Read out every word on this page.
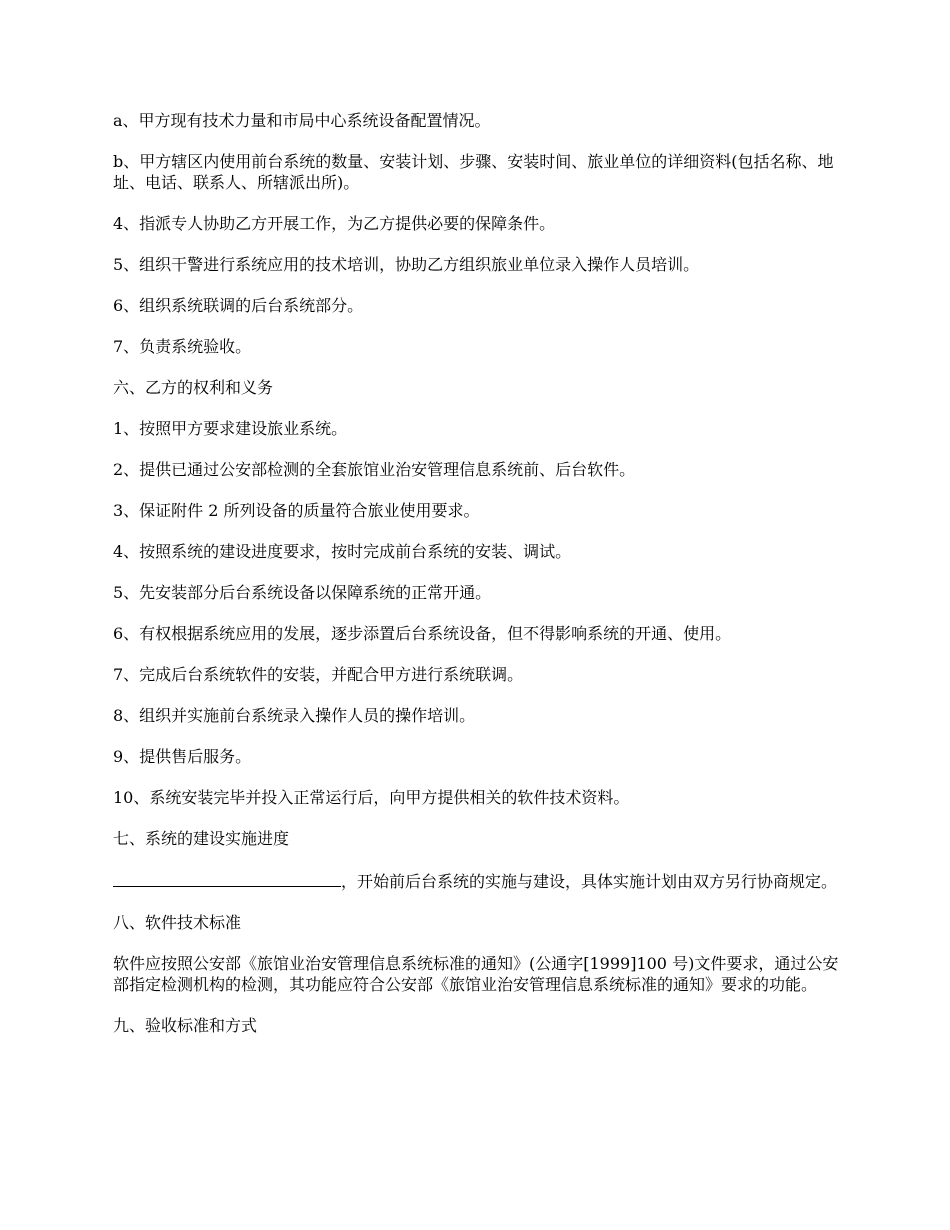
a、甲方现有技术力量和市局中心系统设备配置情况。

b、甲方辖区内使用前台系统的数量、安装计划、步骤、安装时间、旅业单位的详细资料(包括名称、地址、电话、联系人、所辖派出所)。

4、指派专人协助乙方开展工作，为乙方提供必要的保障条件。

5、组织干警进行系统应用的技术培训，协助乙方组织旅业单位录入操作人员培训。

6、组织系统联调的后台系统部分。

7、负责系统验收。

六、乙方的权利和义务

1、按照甲方要求建设旅业系统。

2、提供已通过公安部检测的全套旅馆业治安管理信息系统前、后台软件。

3、保证附件 2 所列设备的质量符合旅业使用要求。

4、按照系统的建设进度要求，按时完成前台系统的安装、调试。

5、先安装部分后台系统设备以保障系统的正常开通。

6、有权根据系统应用的发展，逐步添置后台系统设备，但不得影响系统的开通、使用。

7、完成后台系统软件的安装，并配合甲方进行系统联调。

8、组织并实施前台系统录入操作人员的操作培训。

9、提供售后服务。

10、系统安装完毕并投入正常运行后，向甲方提供相关的软件技术资料。

七、系统的建设实施进度

，开始前后台系统的实施与建设，具体实施计划由双方另行协商规定。

八、软件技术标准

软件应按照公安部《旅馆业治安管理信息系统标准的通知》(公通字[1999]100 号)文件要求，通过公安部指定检测机构的检测，其功能应符合公安部《旅馆业治安管理信息系统标准的通知》要求的功能。

九、验收标准和方式
